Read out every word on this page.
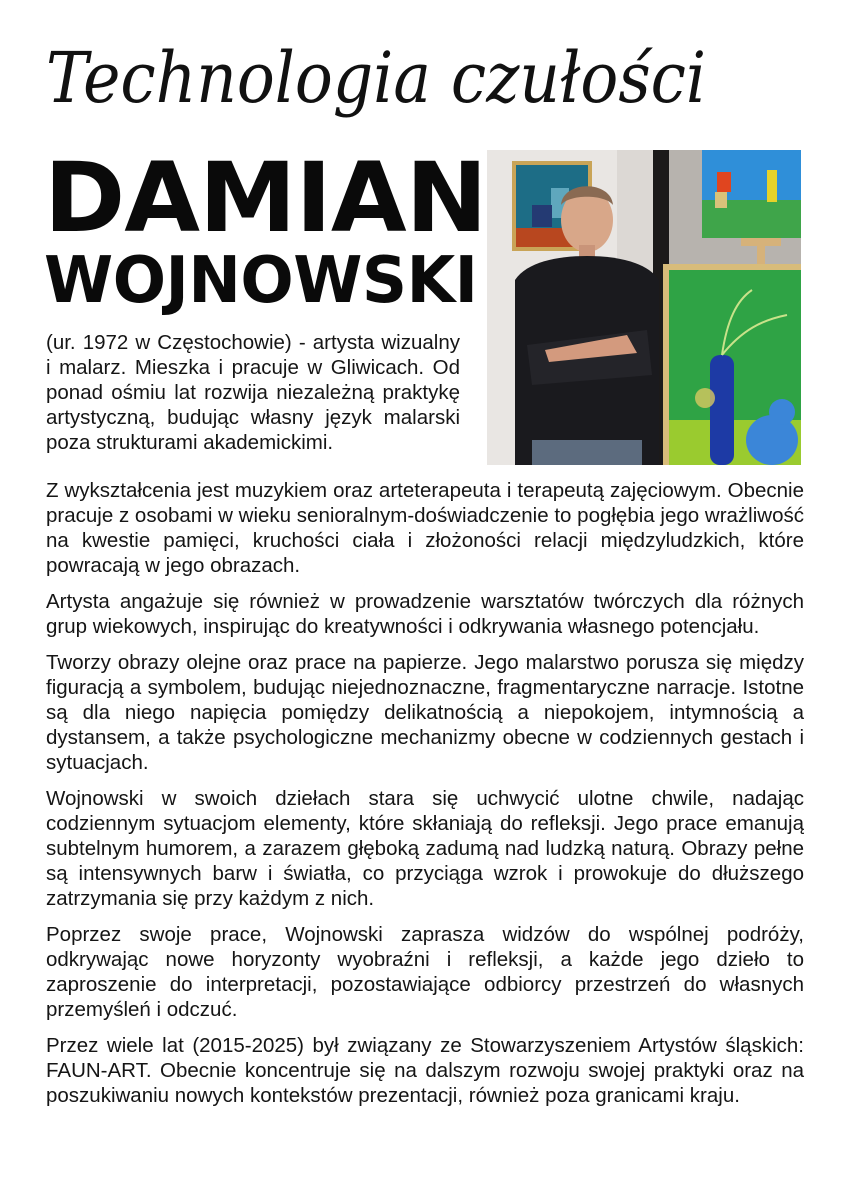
Technologia czułości
DAMIAN
WOJNOWSKI
(ur. 1972 w Częstochowie) - artysta wizualny i malarz. Mieszka i pracuje w Gliwicach. Od ponad ośmiu lat rozwija niezależną praktykę artystyczną, budując własny język malarski poza strukturami akademickimi.

Z wykształcenia jest muzykiem oraz arteterapeuta i terapeutą zajęciowym. Obecnie pracuje z osobami w wieku senioralnym-doświadczenie to pogłębia jego wrażliwość na kwestie pamięci, kruchości ciała i złożoności relacji międzyludzkich, które powracają w jego obrazach.

Artysta angażuje się również w prowadzenie warsztatów twórczych dla różnych grup wiekowych, inspirując do kreatywności i odkrywania własnego potencjału.

Tworzy obrazy olejne oraz prace na papierze. Jego malarstwo porusza się między figuracją a symbolem, budując niejednoznaczne, fragmentaryczne narracje. Istotne są dla niego napięcia pomiędzy delikatnością a niepokojem, intymnością a dystansem, a także psychologiczne mechanizmy obecne w codziennych gestach i sytuacjach.

Wojnowski w swoich dziełach stara się uchwycić ulotne chwile, nadając codziennym sytuacjom elementy, które skłaniają do refleksji. Jego prace emanują subtelnym humorem, a zarazem głęboką zadumą nad ludzką naturą. Obrazy pełne są intensywnych barw i światła, co przyciąga wzrok i prowokuje do dłuższego zatrzymania się przy każdym z nich.

Poprzez swoje prace, Wojnowski zaprasza widzów do wspólnej podróży, odkrywając nowe horyzonty wyobraźni i refleksji, a każde jego dzieło to zaproszenie do interpretacji, pozostawiające odbiorcy przestrzeń do własnych przemyśleń i odczuć.

Przez wiele lat (2015-2025) był związany ze Stowarzyszeniem Artystów śląskich: FAUN-ART. Obecnie koncentruje się na dalszym rozwoju swojej praktyki oraz na poszukiwaniu nowych kontekstów prezentacji, również poza granicami kraju.
